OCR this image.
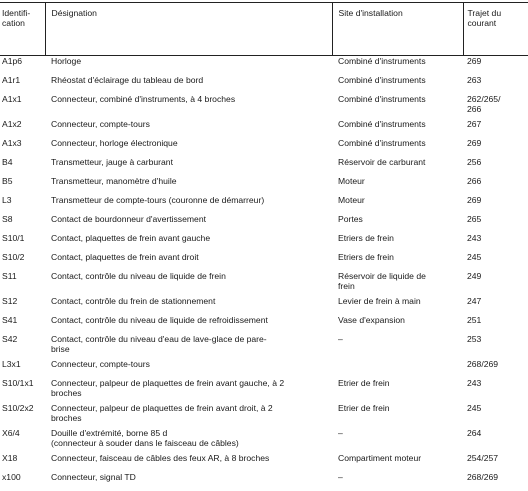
Identifi-
cation	Désignation	Site d'installation	Trajet du
courant
A1p6	Horloge	Combiné d'instruments	269
A1r1	Rhéostat d'éclairage du tableau de bord	Combiné d'instruments	263
A1x1	Connecteur, combiné d'instruments, à 4 broches	Combiné d'instruments	262/265/
266
A1x2	Connecteur, compte-tours	Combiné d'instruments	267
A1x3	Connecteur, horloge électronique	Combiné d'instruments	269
B4	Transmetteur, jauge à carburant	Réservoir de carburant	256
B5	Transmetteur, manomètre d'huile	Moteur	266
L3	Transmetteur de compte-tours (couronne de démarreur)	Moteur	269
S8	Contact de bourdonneur d'avertissement	Portes	265
S10/1	Contact, plaquettes de frein avant gauche	Etriers de frein	243
S10/2	Contact, plaquettes de frein avant droit	Etriers de frein	245
S11	Contact, contrôle du niveau de liquide de frein	Réservoir de liquide de
frein	249
S12	Contact, contrôle du frein de stationnement	Levier de frein à main	247
S41	Contact, contrôle du niveau de liquide de refroidissement	Vase d'expansion	251
S42	Contact, contrôle du niveau d'eau de lave-glace de pare-
brise	–	253
L3x1	Connecteur, compte-tours		268/269
S10/1x1	Connecteur, palpeur de plaquettes de frein avant gauche, à 2
broches	Etrier de frein	243
S10/2x2	Connecteur, palpeur de plaquettes de frein avant droit, à 2
broches	Etrier de frein	245
X6/4	Douille d'extrémité, borne 85 d
(connecteur à souder dans le faisceau de câbles)	–	264
X18	Connecteur, faisceau de câbles des feux AR, à 8 broches	Compartiment moteur	254/257
x100	Connecteur, signal TD	–	268/269
